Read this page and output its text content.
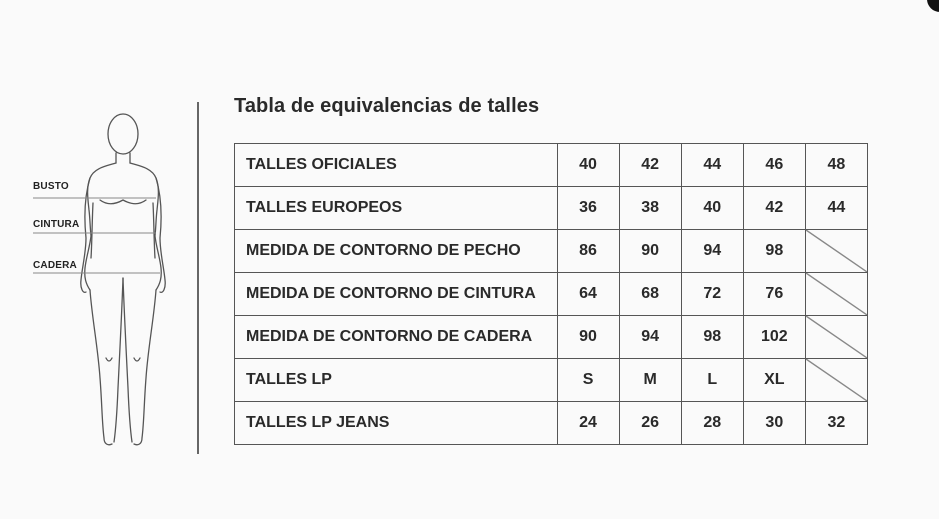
BUSTO
CINTURA
CADERA
Tabla de equivalencias de talles
TALLES OFICIALES	40	42	44	46	48
TALLES EUROPEOS	36	38	40	42	44
MEDIDA DE CONTORNO DE PECHO	86	90	94	98	

MEDIDA DE CONTORNO DE CINTURA	64	68	72	76	

MEDIDA DE CONTORNO DE CADERA	90	94	98	102	

TALLES LP	S	M	L	XL	

TALLES LP JEANS	24	26	28	30	32
